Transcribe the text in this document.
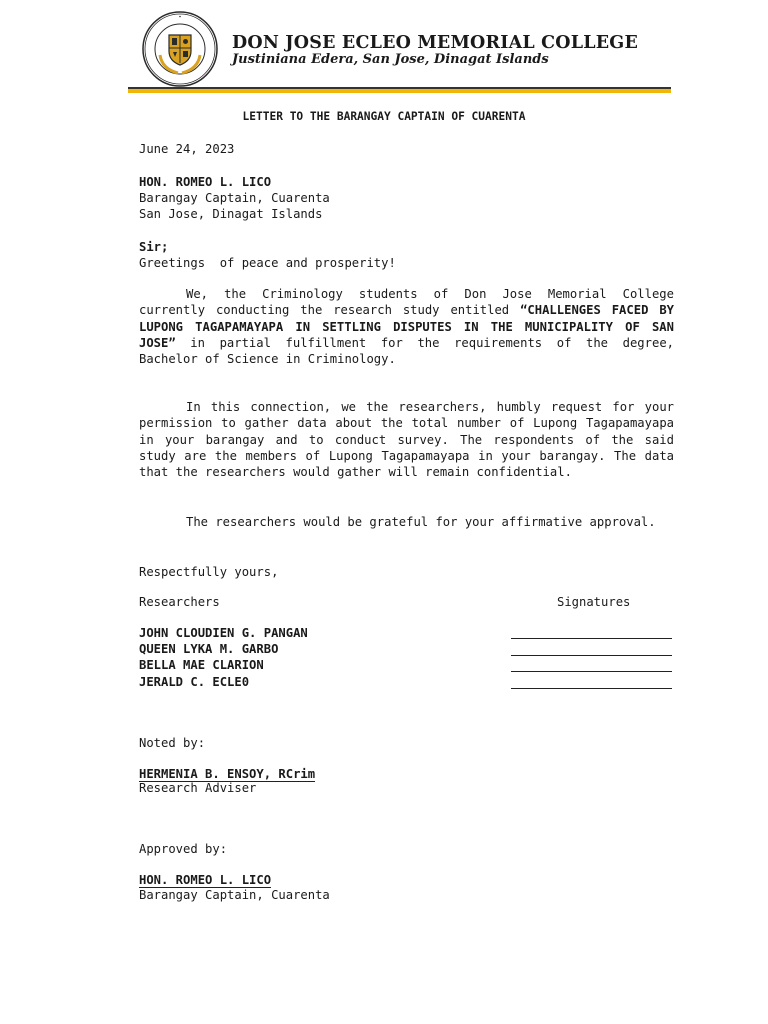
DON JOSE ECLEO MEMORIAL COLLEGE
Justiniana Edera, San Jose, Dinagat Islands
LETTER TO THE BARANGAY CAPTAIN OF CUARENTA
June 24, 2023
HON. ROMEO L. LICO
Barangay Captain, Cuarenta
San Jose, Dinagat Islands
Sir;
Greetings  of peace and prosperity!
We, the Criminology students of Don Jose Memorial College currently conducting the research study entitled “CHALLENGES FACED BY LUPONG TAGAPAMAYAPA IN SETTLING DISPUTES IN THE MUNICIPALITY OF SAN JOSE” in partial fulfillment for the requirements of the degree, Bachelor of Science in Criminology.
In this connection, we the researchers, humbly request for your permission to gather data about the total number of Lupong Tagapamayapa in your barangay and to conduct survey. The respondents of the said study are the members of Lupong Tagapamayapa in your barangay. The data that the researchers would gather will remain confidential.
The researchers would be grateful for your affirmative approval.
Respectfully yours,
Researchers	Signatures
JOHN CLOUDIEN G. PANGAN
QUEEN LYKA M. GARBO
BELLA MAE CLARION
JERALD C. ECLE0
Noted by:
HERMENIA B. ENSOY, RCrim
Research Adviser
Approved by:
HON. ROMEO L. LICO
Barangay Captain, Cuarenta
